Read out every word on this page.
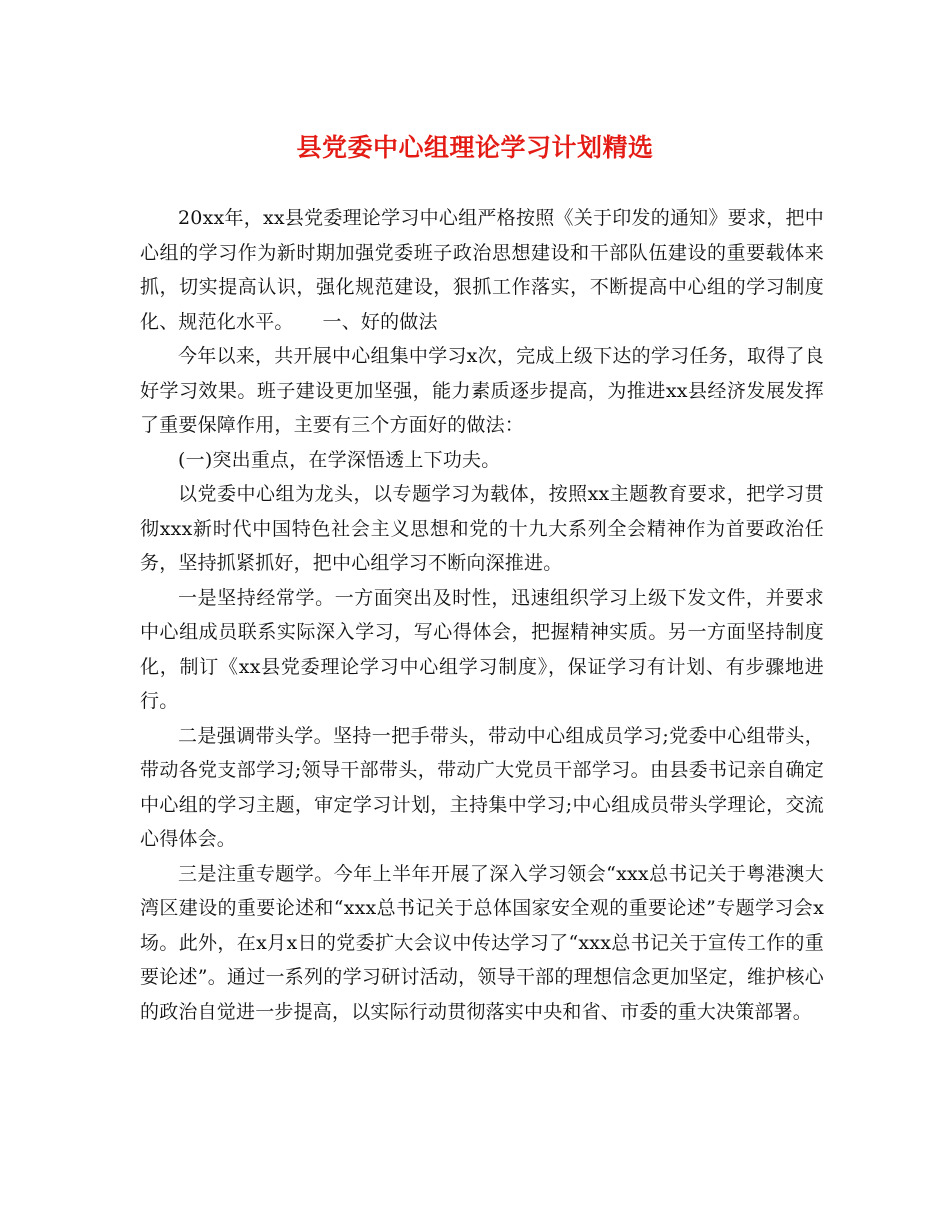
县党委中心组理论学习计划精选

20xx年，xx县党委理论学习中心组严格按照《关于印发的通知》要求，把中心组的学习作为新时期加强党委班子政治思想建设和干部队伍建设的重要载体来抓，切实提高认识，强化规范建设，狠抓工作落实，不断提高中心组的学习制度化、规范化水平。　　一、好的做法

今年以来，共开展中心组集中学习x次，完成上级下达的学习任务，取得了良好学习效果。班子建设更加坚强，能力素质逐步提高，为推进xx县经济发展发挥了重要保障作用，主要有三个方面好的做法：

(一)突出重点，在学深悟透上下功夫。

以党委中心组为龙头，以专题学习为载体，按照xx主题教育要求，把学习贯彻xxx新时代中国特色社会主义思想和党的十九大系列全会精神作为首要政治任务，坚持抓紧抓好，把中心组学习不断向深推进。

一是坚持经常学。一方面突出及时性，迅速组织学习上级下发文件，并要求中心组成员联系实际深入学习，写心得体会，把握精神实质。另一方面坚持制度化，制订《xx县党委理论学习中心组学习制度》，保证学习有计划、有步骤地进行。

二是强调带头学。坚持一把手带头，带动中心组成员学习;党委中心组带头，带动各党支部学习;领导干部带头，带动广大党员干部学习。由县委书记亲自确定中心组的学习主题，审定学习计划，主持集中学习;中心组成员带头学理论，交流心得体会。

三是注重专题学。今年上半年开展了深入学习领会“xxx总书记关于粤港澳大湾区建设的重要论述和“xxx总书记关于总体国家安全观的重要论述”专题学习会x场。此外，在x月x日的党委扩大会议中传达学习了“xxx总书记关于宣传工作的重要论述”。通过一系列的学习研讨活动，领导干部的理想信念更加坚定，维护核心的政治自觉进一步提高，以实际行动贯彻落实中央和省、市委的重大决策部署。
